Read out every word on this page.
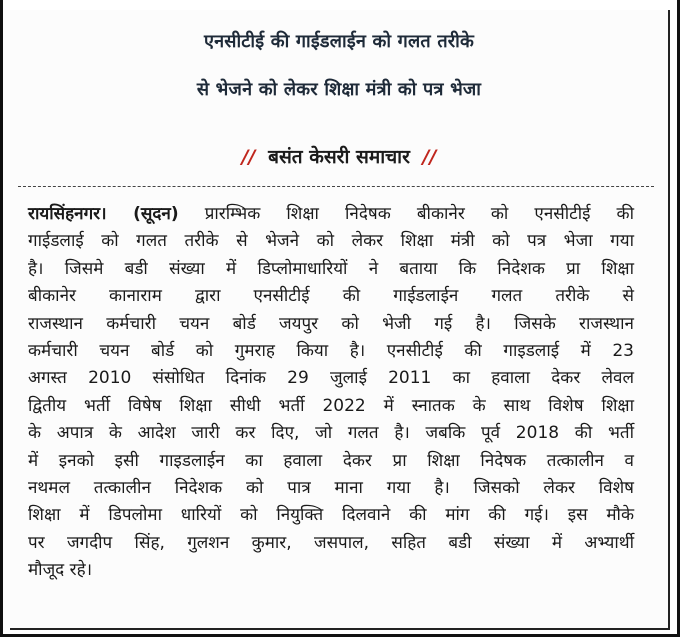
एनसीटीई की गाईडलाईन को गलत तरीके
से भेजने को लेकर शिक्षा मंत्री को पत्र भेजा
// बसंत केसरी समाचार //
रायसिंहनगर। (सूदन) प्रारम्भिक शिक्षा निदेषक बीकानेर को एनसीटीई की
गाईडलाई को गलत तरीके से भेजने को लेकर शिक्षा मंत्री को पत्र भेजा गया
है। जिसमे बडी संख्या में डिप्लोमाधारियों ने बताया कि निदेशक प्रा शिक्षा
बीकानेर कानाराम द्वारा एनसीटीई की गाईडलाईन गलत तरीके से
राजस्थान कर्मचारी चयन बोर्ड जयपुर को भेजी गई है। जिसके राजस्थान
कर्मचारी चयन बोर्ड को गुमराह किया है। एनसीटीई की गाइडलाई में 23
अगस्त 2010 संसोधित दिनांक 29 जुलाई 2011 का हवाला देकर लेवल
द्वितीय भर्ती विषेष शिक्षा सीधी भर्ती 2022 में स्नातक के साथ विशेष शिक्षा
के अपात्र के आदेश जारी कर दिए, जो गलत है। जबकि पूर्व 2018 की भर्ती
में इनको इसी गाइडलाईन का हवाला देकर प्रा शिक्षा निदेषक तत्कालीन व
नथमल तत्कालीन निदेशक को पात्र माना गया है। जिसको लेकर विशेष
शिक्षा में डिपलोमा धारियों को नियुक्ति दिलवाने की मांग की गई। इस मौके
पर जगदीप सिंह, गुलशन कुमार, जसपाल, सहित बडी संख्या में अभ्यार्थी
मौजूद रहे।
